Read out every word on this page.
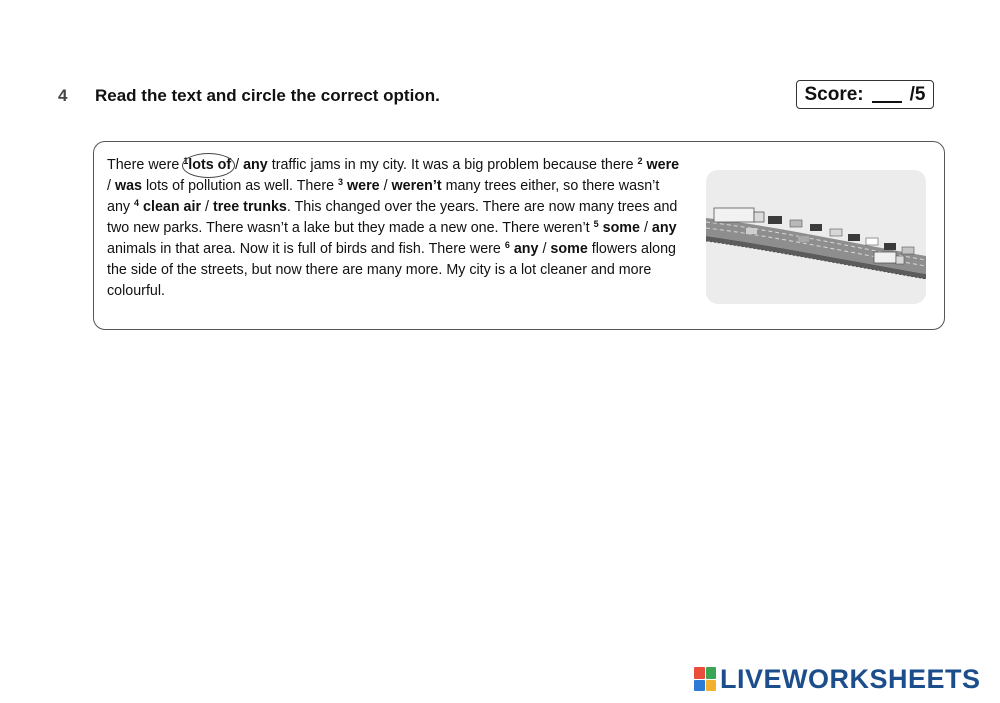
4 Read the text and circle the correct option.	Score: /5
There were $^1$lots of
/ any traffic jams in my city. It was a big problem because there $^2$ were / was lots of pollution as well. There $^3$ were / weren’t many trees either, so there wasn’t any $^4$ clean air / tree trunks. This changed over the years. There are now many trees and two new parks. There wasn’t a lake but they made a new one. There weren’t $^5$ some / any animals in that area. Now it is full of birds and fish. There were $^6$ any / some flowers along the side of the streets, but now there are many more. My city is a lot cleaner and more colourful.
LIVEWORKSHEETS
